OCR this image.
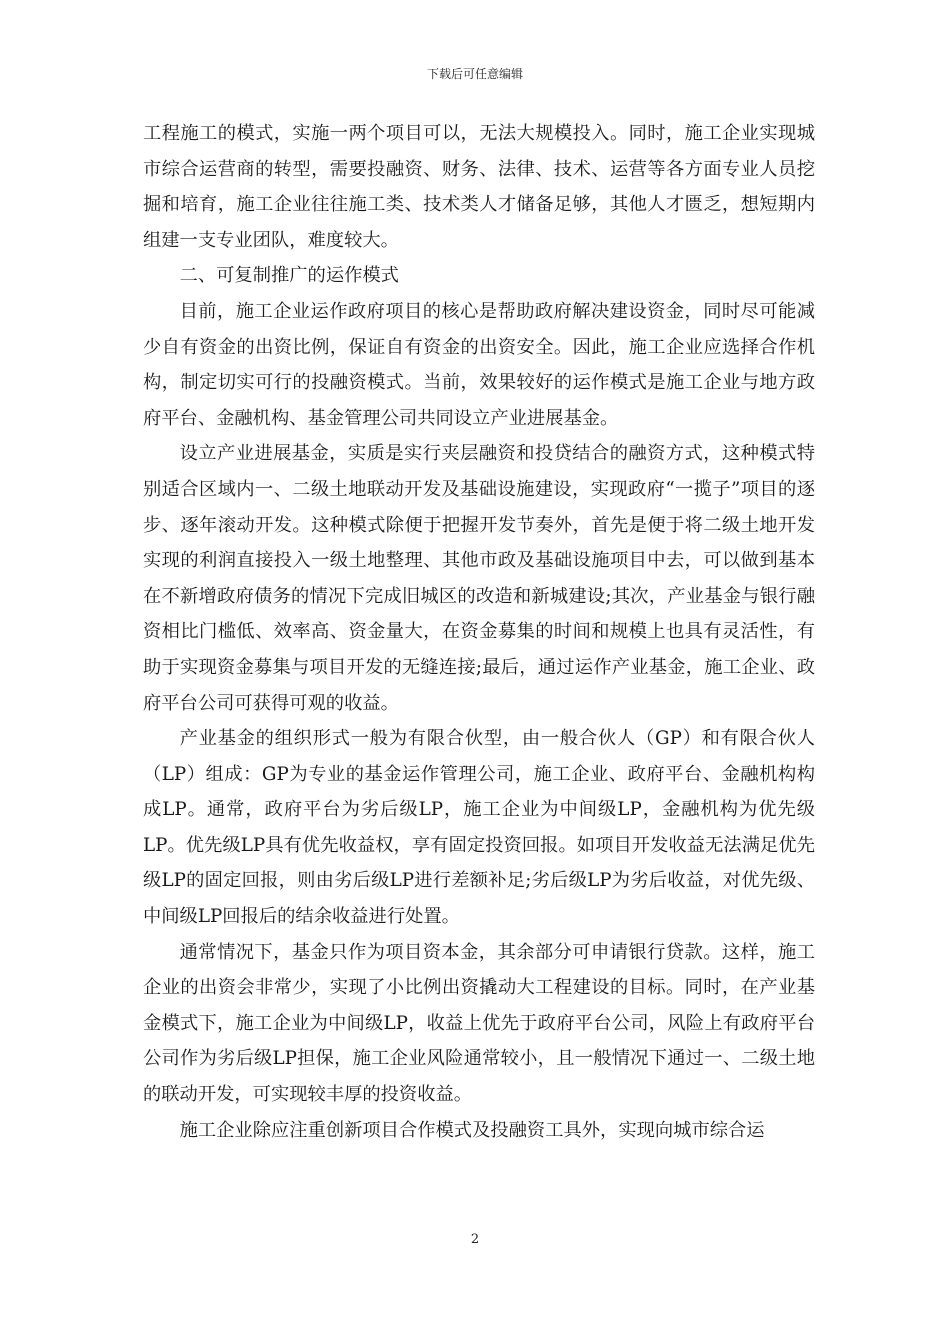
下载后可任意编辑

工程施工的模式，实施一两个项目可以，无法大规模投入。同时，施工企业实现城市综合运营商的转型，需要投融资、财务、法律、技术、运营等各方面专业人员挖掘和培育，施工企业往往施工类、技术类人才储备足够，其他人才匮乏，想短期内组建一支专业团队，难度较大。

二、可复制推广的运作模式

目前，施工企业运作政府项目的核心是帮助政府解决建设资金，同时尽可能减少自有资金的出资比例，保证自有资金的出资安全。因此，施工企业应选择合作机构，制定切实可行的投融资模式。当前，效果较好的运作模式是施工企业与地方政府平台、金融机构、基金管理公司共同设立产业进展基金。

设立产业进展基金，实质是实行夹层融资和投贷结合的融资方式，这种模式特别适合区域内一、二级土地联动开发及基础设施建设，实现政府“一揽子”项目的逐步、逐年滚动开发。这种模式除便于把握开发节奏外，首先是便于将二级土地开发实现的利润直接投入一级土地整理、其他市政及基础设施项目中去，可以做到基本在不新增政府债务的情况下完成旧城区的改造和新城建设;其次，产业基金与银行融资相比门槛低、效率高、资金量大，在资金募集的时间和规模上也具有灵活性，有助于实现资金募集与项目开发的无缝连接;最后，通过运作产业基金，施工企业、政府平台公司可获得可观的收益。

产业基金的组织形式一般为有限合伙型，由一般合伙人（GP）和有限合伙人（LP）组成：GP为专业的基金运作管理公司，施工企业、政府平台、金融机构构成LP。通常，政府平台为劣后级LP，施工企业为中间级LP，金融机构为优先级LP。优先级LP具有优先收益权，享有固定投资回报。如项目开发收益无法满足优先级LP的固定回报，则由劣后级LP进行差额补足;劣后级LP为劣后收益，对优先级、中间级LP回报后的结余收益进行处置。

通常情况下，基金只作为项目资本金，其余部分可申请银行贷款。这样，施工企业的出资会非常少，实现了小比例出资撬动大工程建设的目标。同时，在产业基金模式下，施工企业为中间级LP，收益上优先于政府平台公司，风险上有政府平台公司作为劣后级LP担保，施工企业风险通常较小，且一般情况下通过一、二级土地的联动开发，可实现较丰厚的投资收益。

施工企业除应注重创新项目合作模式及投融资工具外，实现向城市综合运

2
